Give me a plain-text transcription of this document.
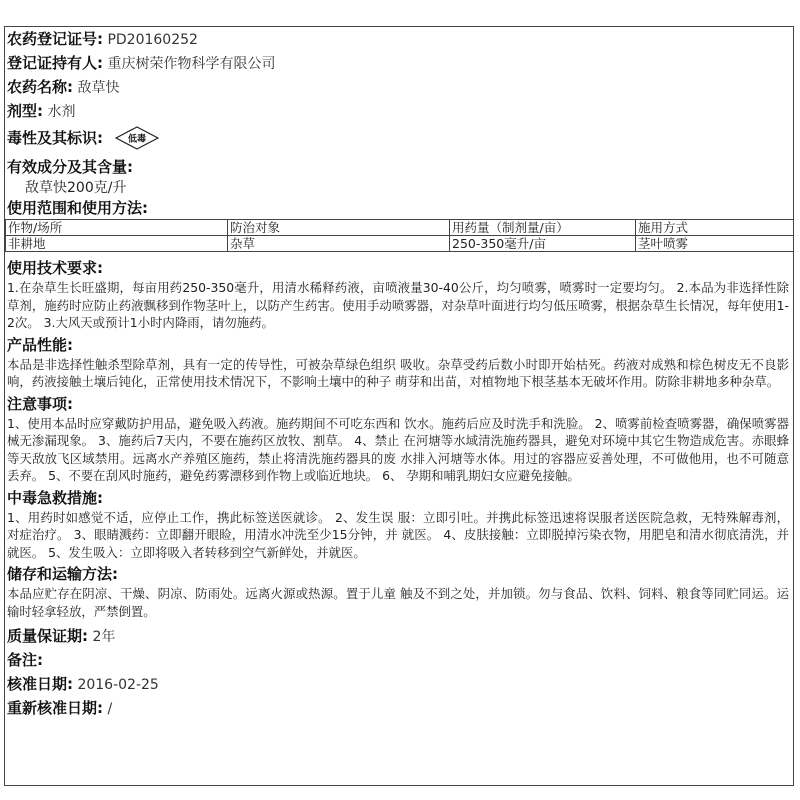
农药登记证号: PD20160252
登记证持有人: 重庆树荣作物科学有限公司
农药名称: 敌草快
剂型: 水剂
毒性及其标识:	低毒
有效成分及其含量:
敌草快200克/升
使用范围和使用方法:
作物/场所	防治对象	用药量（制剂量/亩）	施用方式
非耕地	杂草	250-350毫升/亩	茎叶喷雾
使用技术要求:
1.在杂草生长旺盛期，每亩用药250-350毫升，用清水稀释药液，亩喷液量30-40公斤，均匀喷雾，喷雾时一定要均匀。 2.本品为非选择性除草剂，施药时应防止药液飘移到作物茎叶上，以防产生药害。使用手动喷雾器，对杂草叶面进行均匀低压喷雾，根据杂草生长情况，每年使用1-2次。 3.大风天或预计1小时内降雨，请勿施药。
产品性能:
本品是非选择性触杀型除草剂，具有一定的传导性，可被杂草绿色组织 吸收。杂草受药后数小时即开始枯死。药液对成熟和棕色树皮无不良影 响，药液接触土壤后钝化，正常使用技术情况下，不影响土壤中的种子 萌芽和出苗，对植物地下根茎基本无破坏作用。防除非耕地多种杂草。
注意事项:
1、使用本品时应穿戴防护用品，避免吸入药液。施药期间不可吃东西和 饮水。施药后应及时洗手和洗脸。 2、喷雾前检查喷雾器，确保喷雾器 械无渗漏现象。 3、施药后7天内，不要在施药区放牧、割草。 4、禁止 在河塘等水域清洗施药器具，避免对环境中其它生物造成危害。赤眼蜂 等天敌放飞区域禁用。远离水产养殖区施药，禁止将清洗施药器具的废 水排入河塘等水体。用过的容器应妥善处理，不可做他用，也不可随意 丢弃。 5、不要在刮风时施药，避免药雾漂移到作物上或临近地块。 6、 孕期和哺乳期妇女应避免接触。
中毒急救措施:
1、用药时如感觉不适，应停止工作，携此标签送医就诊。 2、发生误 服：立即引吐。并携此标签迅速将误服者送医院急救，无特殊解毒剂， 对症治疗。 3、眼睛溅药：立即翻开眼睑，用清水冲洗至少15分钟，并 就医。 4、皮肤接触：立即脱掉污染衣物，用肥皂和清水彻底清洗，并 就医。 5、发生吸入：立即将吸入者转移到空气新鲜处，并就医。
储存和运输方法:
本品应贮存在阴凉、干燥、阴凉、防雨处。远离火源或热源。置于儿童 触及不到之处，并加锁。勿与食品、饮料、饲料、粮食等同贮同运。运 输时轻拿轻放，严禁倒置。
质量保证期: 2年
备注:
核准日期: 2016-02-25
重新核准日期: /
